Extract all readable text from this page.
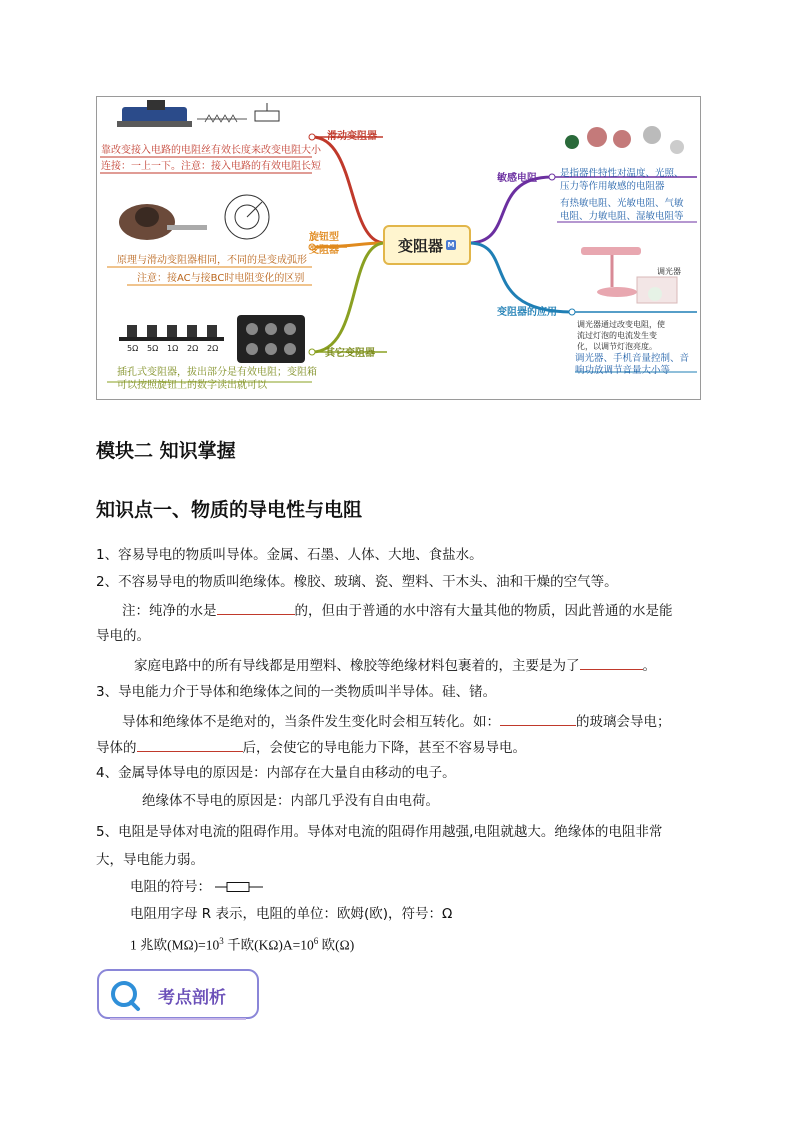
变阻器 M
滑动变阻器
旋钮型
变阻器
其它变阻器
靠改变接入电路的电阻丝有效长度来改变电阻大小
连接：一上一下。注意：接入电路的有效电阻长短
原理与滑动变阻器相同，不同的是变成弧形
注意：接AC与接BC时电阻变化的区别
插孔式变阻器，拔出部分是有效电阻；变阻箱
可以按照旋钮上的数字读出就可以
5Ω 5Ω 1Ω 2Ω 2Ω
敏感电阻
变阻器的应用
是指器件特性对温度、光照、
压力等作用敏感的电阻器
有热敏电阻、光敏电阻、气敏
电阻、力敏电阻、湿敏电阻等
调光器
调光器通过改变电阻，使
流过灯泡的电流发生变
化，以调节灯泡亮度。
调光器、手机音量控制、音
响功放调节音量大小等
模块二 知识掌握
知识点一、物质的导电性与电阻
1、容易导电的物质叫导体。金属、石墨、人体、大地、食盐水。
2、不容易导电的物质叫绝缘体。橡胶、玻璃、瓷、塑料、干木头、油和干燥的空气等。
注：纯净的水是	的，但由于普通的水中溶有大量其他的物质，因此普通的水是能
导电的。
家庭电路中的所有导线都是用塑料、橡胶等绝缘材料包裹着的，主要是为了	。
3、导电能力介于导体和绝缘体之间的一类物质叫半导体。硅、锗。
导体和绝缘体不是绝对的，当条件发生变化时会相互转化。如：	的玻璃会导电；
导体的	后，会使它的导电能力下降，甚至不容易导电。
4、金属导体导电的原因是：内部存在大量自由移动的电子。
绝缘体不导电的原因是：内部几乎没有自由电荷。
5、电阻是导体对电流的阻碍作用。导体对电流的阻碍作用越强,电阻就越大。绝缘体的电阻非常
大，导电能力弱。
电阻的符号：
电阻用字母 R 表示，电阻的单位：欧姆(欧)，符号：Ω
1 兆欧$(M\Omega)=10^3$ 千欧$(K\Omega)A=10^6$ 欧(Ω)
考点剖析
